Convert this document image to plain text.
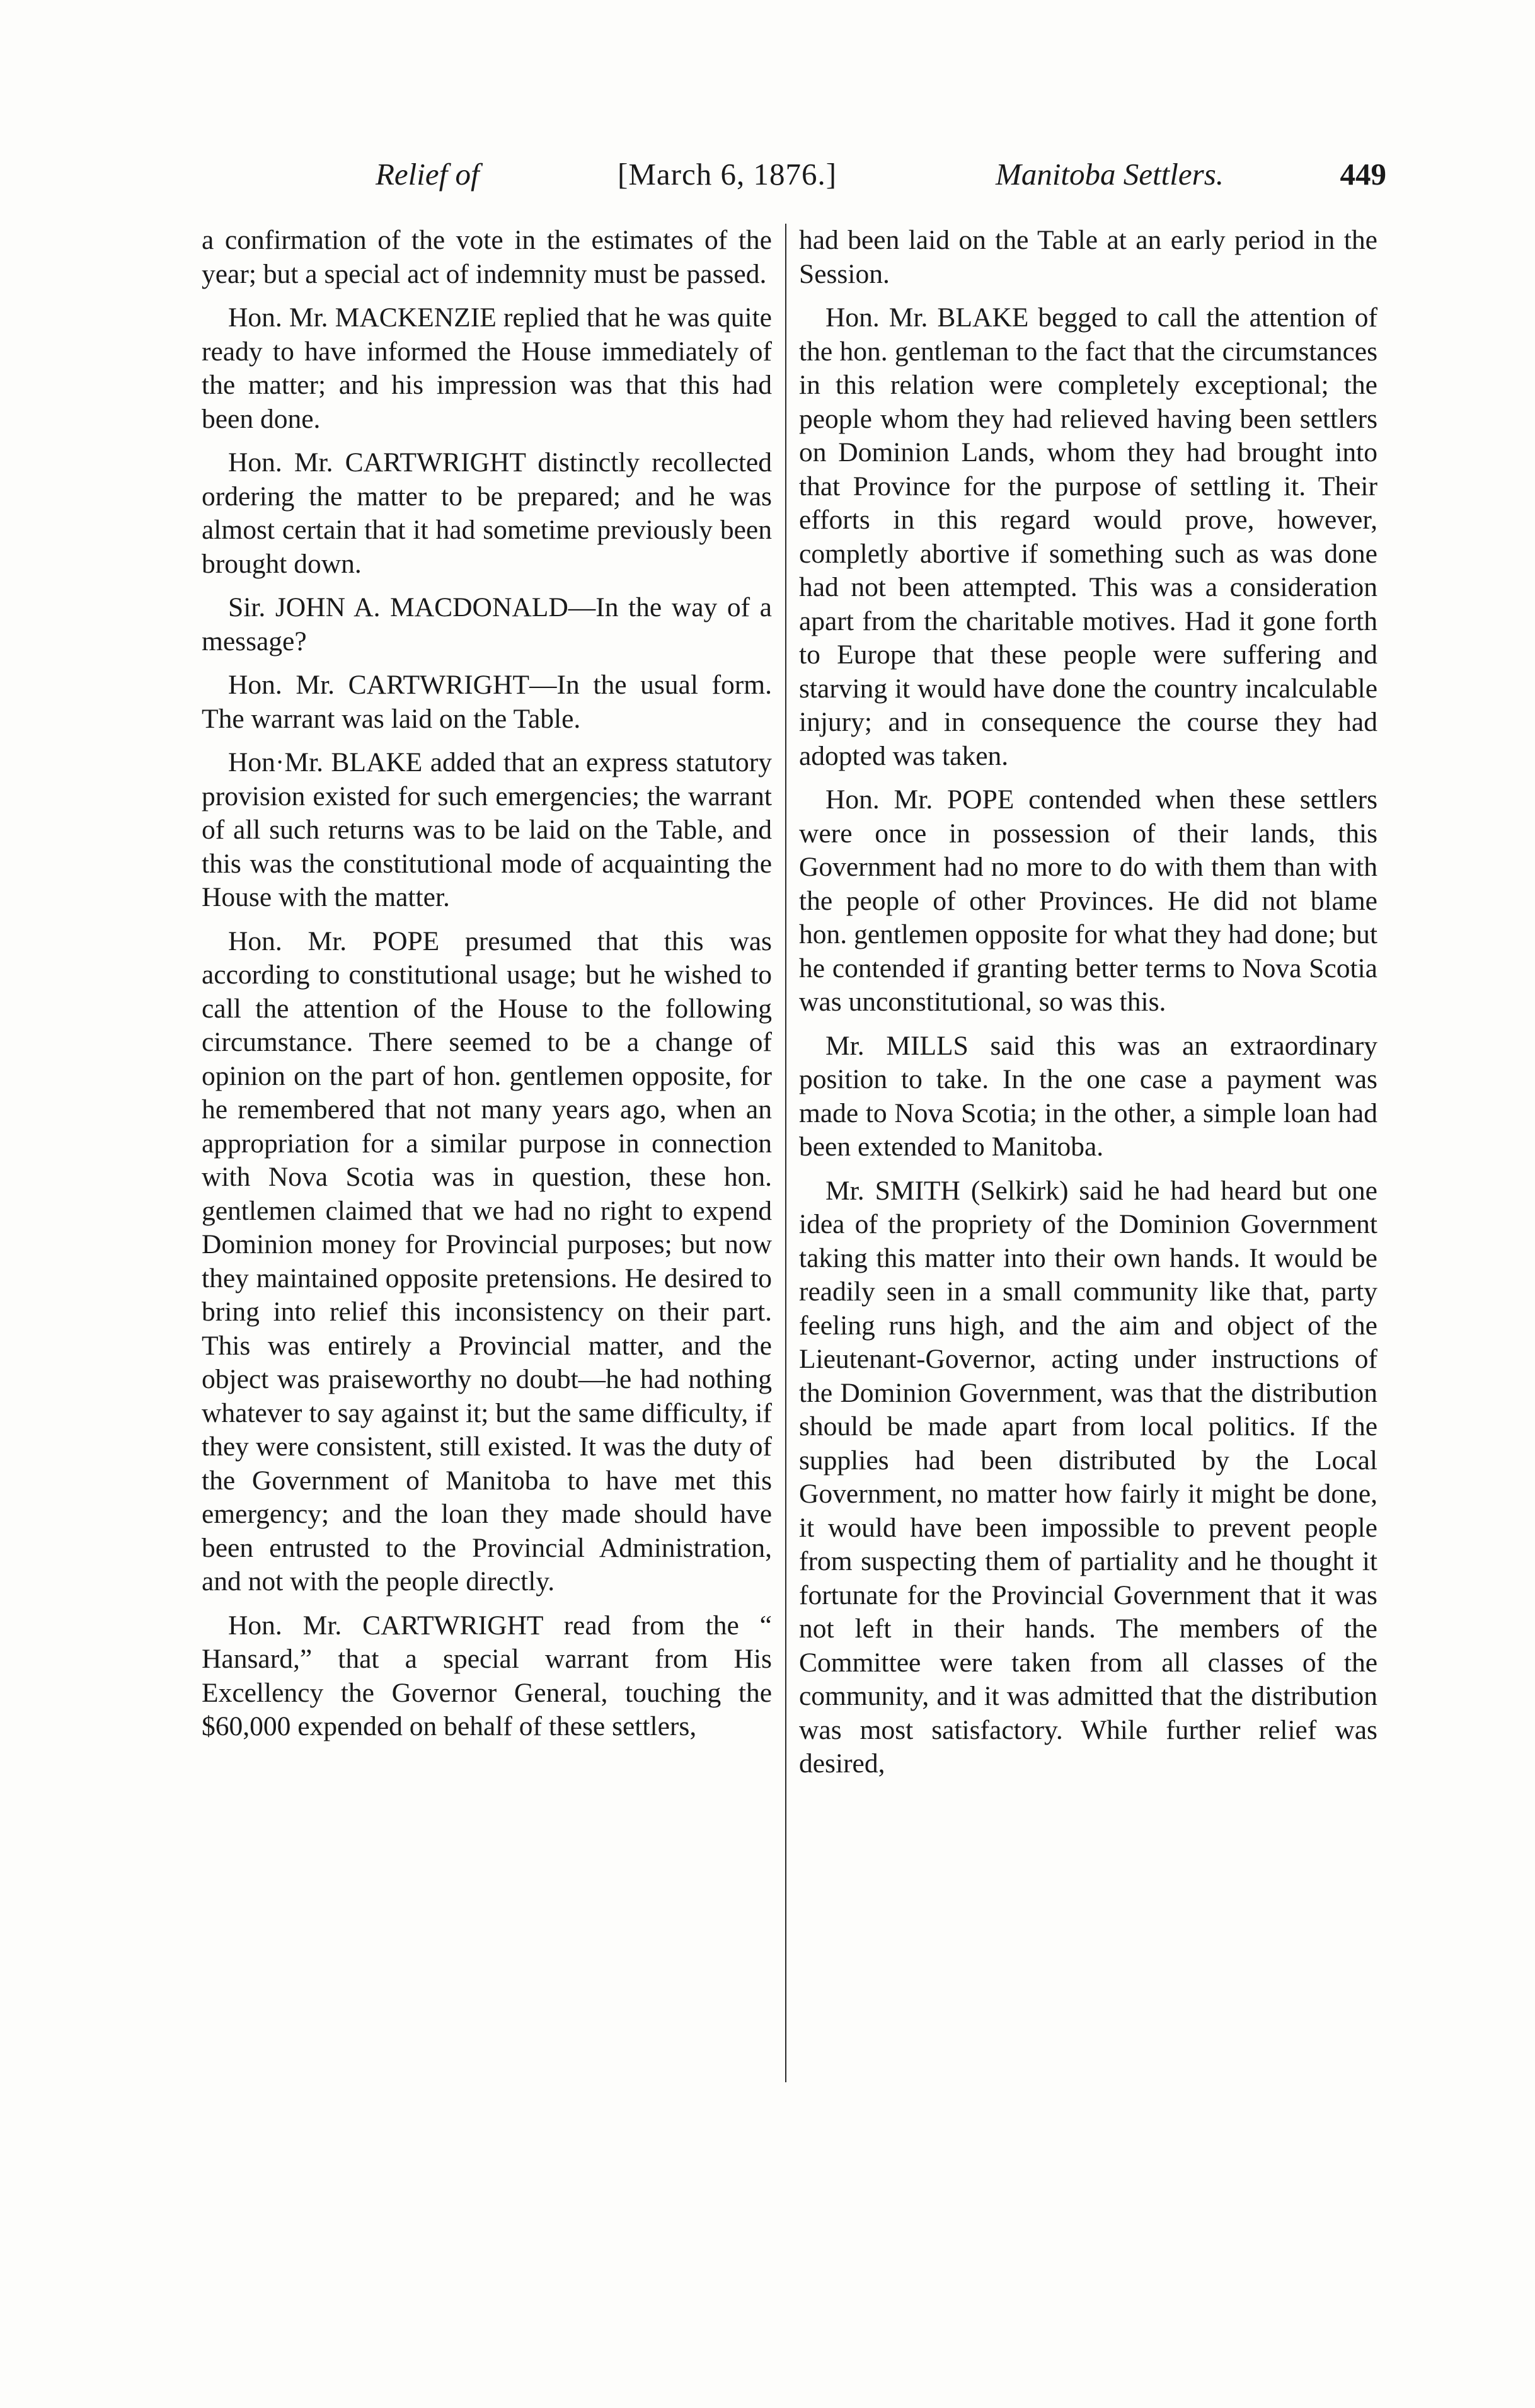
Relief of	[March 6, 1876.]	Manitoba Settlers.	449

a confirmation of the vote in the estimates of the year; but a special act of indemnity must be passed.

Hon. Mr. MACKENZIE replied that he was quite ready to have informed the House immediately of the matter; and his impression was that this had been done.

Hon. Mr. CARTWRIGHT distinctly recollected ordering the matter to be prepared; and he was almost certain that it had sometime previously been brought down.

Sir. JOHN A. MACDONALD—In the way of a message?

Hon. Mr. CARTWRIGHT—In the usual form. The warrant was laid on the Table.

Hon·Mr. BLAKE added that an express statutory provision existed for such emergencies; the warrant of all such returns was to be laid on the Table, and this was the constitutional mode of acquainting the House with the matter.

Hon. Mr. POPE presumed that this was according to constitutional usage; but he wished to call the attention of the House to the following circumstance. There seemed to be a change of opinion on the part of hon. gentlemen opposite, for he remembered that not many years ago, when an appropriation for a similar purpose in connection with Nova Scotia was in question, these hon. gentlemen claimed that we had no right to expend Dominion money for Provincial purposes; but now they maintained opposite pretensions. He desired to bring into relief this inconsistency on their part. This was entirely a Provincial matter, and the object was praiseworthy no doubt—he had nothing whatever to say against it; but the same difficulty, if they were consistent, still existed. It was the duty of the Government of Manitoba to have met this emergency; and the loan they made should have been entrusted to the Provincial Administration, and not with the people directly.

Hon. Mr. CARTWRIGHT read from the “ Hansard,” that a special warrant from His Excellency the Governor General, touching the $60,000 expended on behalf of these settlers,

had been laid on the Table at an early period in the Session.

Hon. Mr. BLAKE begged to call the attention of the hon. gentleman to the fact that the circumstances in this relation were completely exceptional; the people whom they had relieved having been settlers on Dominion Lands, whom they had brought into that Province for the purpose of settling it. Their efforts in this regard would prove, however, completly abortive if something such as was done had not been attempted. This was a consideration apart from the charitable motives. Had it gone forth to Europe that these people were suffering and starving it would have done the country incalculable injury; and in consequence the course they had adopted was taken.

Hon. Mr. POPE contended when these settlers were once in possession of their lands, this Government had no more to do with them than with the people of other Provinces. He did not blame hon. gentlemen opposite for what they had done; but he contended if granting better terms to Nova Scotia was unconstitutional, so was this.

Mr. MILLS said this was an extraordinary position to take. In the one case a payment was made to Nova Scotia; in the other, a simple loan had been extended to Manitoba.

Mr. SMITH (Selkirk) said he had heard but one idea of the propriety of the Dominion Government taking this matter into their own hands. It would be readily seen in a small community like that, party feeling runs high, and the aim and object of the Lieutenant-Governor, acting under instructions of the Dominion Government, was that the distribution should be made apart from local politics. If the supplies had been distributed by the Local Government, no matter how fairly it might be done, it would have been impossible to prevent people from suspecting them of partiality and he thought it fortunate for the Provincial Government that it was not left in their hands. The members of the Committee were taken from all classes of the community, and it was admitted that the distribution was most satisfactory. While further relief was desired,
